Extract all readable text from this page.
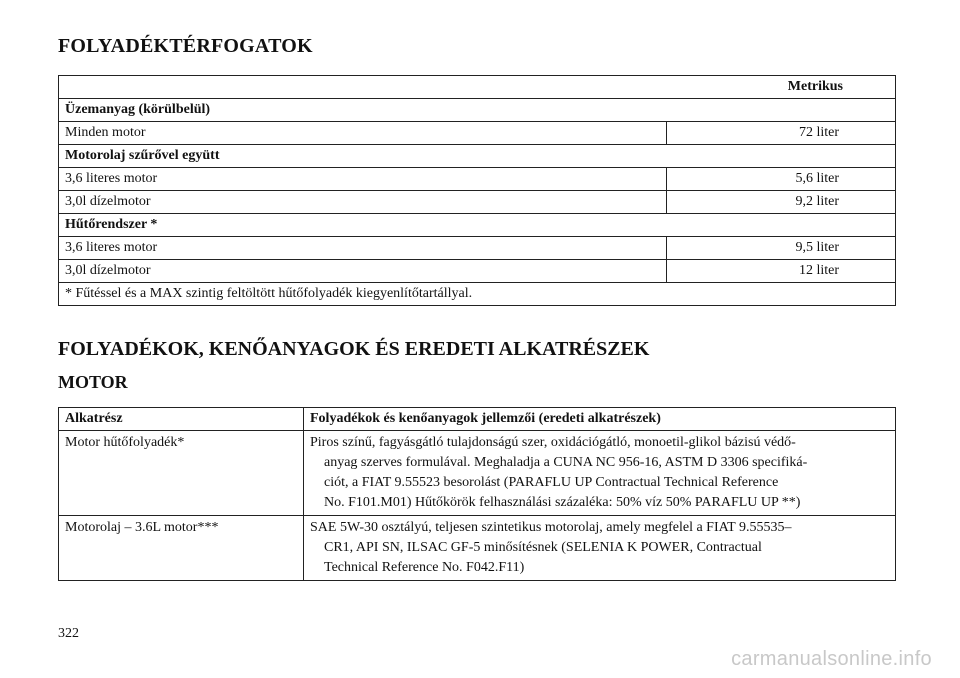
FOLYADÉKTÉRFOGATOK
Metrikus	
Üzemanyag (körülbelül)	
Minden motor	72 liter
Motorolaj szűrővel együtt	
3,6 literes motor	5,6 liter
3,0l dízelmotor	9,2 liter
Hűtőrendszer *	
3,6 literes motor	9,5 liter
3,0l dízelmotor	12 liter
* Fűtéssel és a MAX szintig feltöltött hűtőfolyadék kiegyenlítőtartállyal.	
FOLYADÉKOK, KENŐANYAGOK ÉS EREDETI ALKATRÉSZEK
MOTOR
Alkatrész	Folyadékok és kenőanyagok jellemzői (eredeti alkatrészek)
Motor hűtőfolyadék*	Piros színű, fagyásgátló tulajdonságú szer, oxidációgátló, monoetil-glikol bázisú védő-
anyag szerves formulával. Meghaladja a CUNA NC 956-16, ASTM D 3306 specifiká-
ciót, a FIAT 9.55523 besorolást (PARAFLU UP Contractual Technical Reference
No. F101.M01) Hűtőkörök felhasználási százaléka: 50% víz 50% PARAFLU UP **)

Motorolaj – 3.6L motor***	SAE 5W-30 osztályú, teljesen szintetikus motorolaj, amely megfelel a FIAT 9.55535–
CR1, API SN, ILSAC GF-5 minősítésnek (SELENIA K POWER, Contractual
Technical Reference No. F042.F11)
322
carmanualsonline.info
